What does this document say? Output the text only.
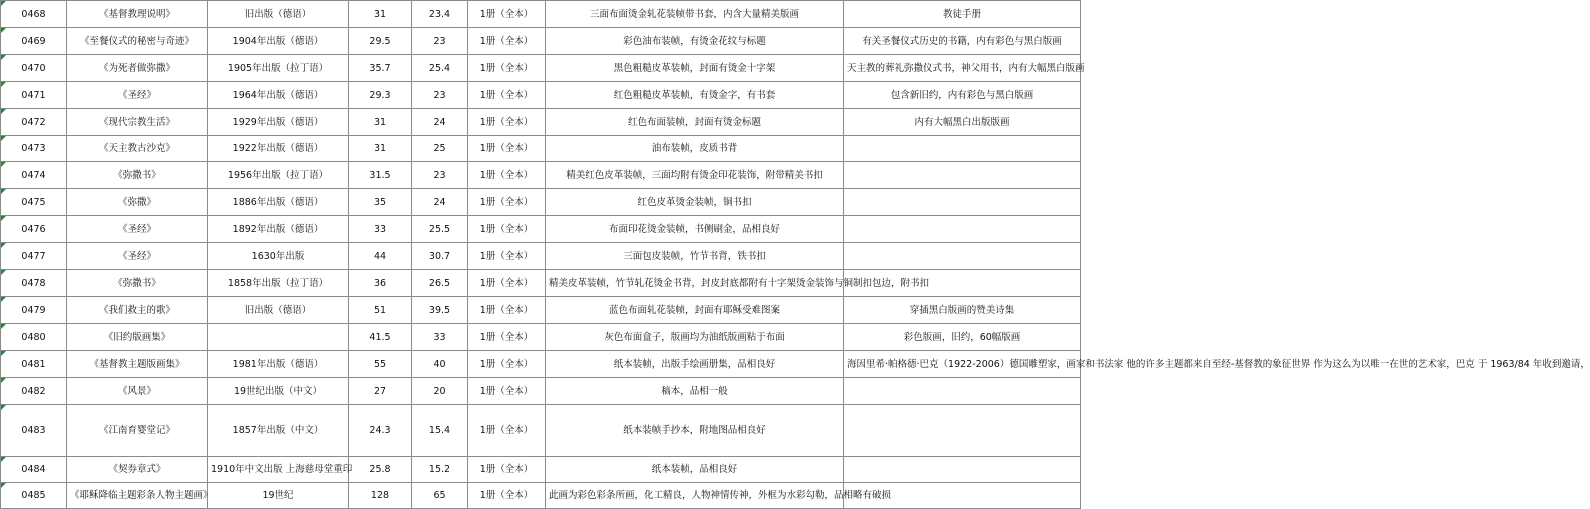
0468	《基督教理说明》	旧出版（德语）	31	23.4	1册（全本）	三面布面烫金轧花装帧带书套，内含大量精美版画	教徒手册

0469	《至餐仪式的秘密与奇迹》	1904年出版（德语）	29.5	23	1册（全本）	彩色油布装帧，有烫金花纹与标题	有关圣餐仪式历史的书籍，内有彩色与黑白版画

0470	《为死者做弥撒》	1905年出版（拉丁语）	35.7	25.4	1册（全本）	黑色粗糙皮革装帧，封面有烫金十字架	天主教的葬礼弥撒仪式书，神父用书，内有大幅黑白版画

0471	《圣经》	1964年出版（德语）	29.3	23	1册（全本）	红色粗糙皮革装帧，有烫金字，有书套	包含新旧约，内有彩色与黑白版画

0472	《现代宗教生活》	1929年出版（德语）	31	24	1册（全本）	红色布面装帧，封面有烫金标题	内有大幅黑白出版版画

0473	《天主教古沙克》	1922年出版（德语）	31	25	1册（全本）	油布装帧，皮质书背	

0474	《弥撒书》	1956年出版（拉丁语）	31.5	23	1册（全本）	精美红色皮革装帧，三面均附有烫金印花装饰，附带精美书扣	

0475	《弥撒》	1886年出版（德语）	35	24	1册（全本）	红色皮革烫金装帧，铜书扣	

0476	《圣经》	1892年出版（德语）	33	25.5	1册（全本）	布面印花烫金装帧，书侧刷金，品相良好	

0477	《圣经》	1630年出版	44	30.7	1册（全本）	三面包皮装帧，竹节书背，铁书扣	

0478	《弥撒书》	1858年出版（拉丁语）	36	26.5	1册（全本）	精美皮革装帧，竹节轧花烫金书背，封皮封底都附有十字架烫金装饰与铜制扣包边，附书扣	

0479	《我们救主的歌》	旧出版（德语）	51	39.5	1册（全本）	蓝色布面轧花装帧，封面有耶稣受难图案	穿插黑白版画的赞美诗集

0480	《旧约版画集》		41.5	33	1册（全本）	灰色布面盒子，版画均为油纸版画粘于布面	彩色版画，旧约，60幅版画

0481	《基督教主题版画集》	1981年出版（德语）	55	40	1册（全本）	纸本装帧，出版手绘画册集，品相良好	海因里希·帕格德·巴克（1922-2006）德国雕塑家，画家和书法家 他的许多主题都来自至经-基督教的象征世界 作为这么为以唯一在世的艺术家，巴克 于 1963/84 年收到邀请，

0482	《风景》	19世纪出版（中文）	27	20	1册（全本）	稿本，品相一般	

0483	《江南育婴堂记》	1857年出版（中文）	24.3	15.4	1册（全本）	纸本装帧手抄本，附地图品相良好	

0484	《契券章式》	1910年中文出版 上海慈母堂重印	25.8	15.2	1册（全本）	纸本装帧，品相良好	

0485	《耶稣降临主题彩条人物主题画》	19世纪	128	65	1册（全本）	此画为彩色彩条所画，化工精良，人物神情传神，外框为水彩勾勒，品相略有破损	
